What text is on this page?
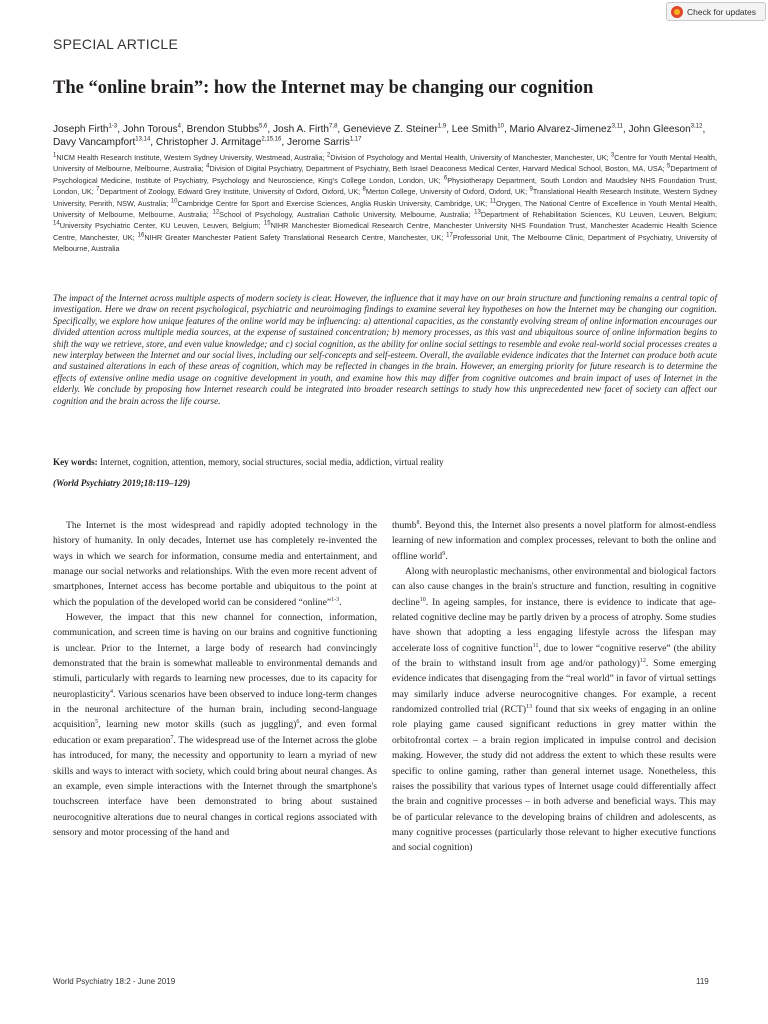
Check for updates
SPECIAL ARTICLE
The “online brain”: how the Internet may be changing our cognition
Joseph Firth$^{1-3}$, John Torous$^4$, Brendon Stubbs$^{5,6}$, Josh A. Firth$^{7,8}$, Genevieve Z. Steiner$^{1,9}$, Lee Smith$^{10}$, Mario Alvarez-Jimenez$^{3,11}$, John Gleeson$^{3,12}$, Davy Vancampfort$^{13,14}$, Christopher J. Armitage$^{2,15,16}$, Jerome Sarris$^{1,17}$
$^1$NICM Health Research Institute, Western Sydney University, Westmead, Australia; $^2$Division of Psychology and Mental Health, University of Manchester, Manchester, UK; $^3$Centre for Youth Mental Health, University of Melbourne, Melbourne, Australia; $^4$Division of Digital Psychiatry, Department of Psychiatry, Beth Israel Deaconess Medical Center, Harvard Medical School, Boston, MA, USA; $^5$Department of Psychological Medicine, Institute of Psychiatry, Psychology and Neuroscience, King's College London, London, UK; $^6$Physiotherapy Department, South London and Maudsley NHS Foundation Trust, London, UK; $^7$Department of Zoology, Edward Grey Institute, University of Oxford, Oxford, UK; $^8$Merton College, University of Oxford, Oxford, UK; $^9$Translational Health Research Institute, Western Sydney University, Penrith, NSW, Australia; $^{10}$Cambridge Centre for Sport and Exercise Sciences, Anglia Ruskin University, Cambridge, UK; $^{11}$Orygen, The National Centre of Excellence in Youth Mental Health, University of Melbourne, Melbourne, Australia; $^{12}$School of Psychology, Australian Catholic University, Melbourne, Australia; $^{13}$Department of Rehabilitation Sciences, KU Leuven, Leuven, Belgium; $^{14}$University Psychiatric Center, KU Leuven, Leuven, Belgium; $^{15}$NIHR Manchester Biomedical Research Centre, Manchester University NHS Foundation Trust, Manchester Academic Health Science Centre, Manchester, UK; $^{16}$NIHR Greater Manchester Patient Safety Translational Research Centre, Manchester, UK; $^{17}$Professorial Unit, The Melbourne Clinic, Department of Psychiatry, University of Melbourne, Australia
The impact of the Internet across multiple aspects of modern society is clear. However, the influence that it may have on our brain structure and functioning remains a central topic of investigation. Here we draw on recent psychological, psychiatric and neuroimaging findings to examine several key hypotheses on how the Internet may be changing our cognition. Specifically, we explore how unique features of the online world may be influencing: a) attentional capacities, as the constantly evolving stream of online information encourages our divided attention across multiple media sources, at the expense of sustained concentration; b) memory processes, as this vast and ubiquitous source of online information begins to shift the way we retrieve, store, and even value knowledge; and c) social cognition, as the ability for online social settings to resemble and evoke real-world social processes creates a new interplay between the Internet and our social lives, including our self-concepts and self-esteem. Overall, the available evidence indicates that the Internet can produce both acute and sustained alterations in each of these areas of cognition, which may be reflected in changes in the brain. However, an emerging priority for future research is to determine the effects of extensive online media usage on cognitive development in youth, and examine how this may differ from cognitive outcomes and brain impact of uses of Internet in the elderly. We conclude by proposing how Internet research could be integrated into broader research settings to study how this unprecedented new facet of society can affect our cognition and the brain across the life course.
Key words: Internet, cognition, attention, memory, social structures, social media, addiction, virtual reality
(World Psychiatry 2019;18:119–129)

The Internet is the most widespread and rapidly adopted technology in the history of humanity. In only decades, Internet use has completely re-invented the ways in which we search for information, consume media and entertainment, and manage our social networks and relationships. With the even more recent advent of smartphones, Internet access has become portable and ubiquitous to the point at which the population of the developed world can be considered “online”$^{1-3}$.

However, the impact that this new channel for connection, information, communication, and screen time is having on our brains and cognitive functioning is unclear. Prior to the Internet, a large body of research had convincingly demonstrated that the brain is somewhat malleable to environmental demands and stimuli, particularly with regards to learning new processes, due to its capacity for neuroplasticity$^4$. Various scenarios have been observed to induce long-term changes in the neuronal architecture of the human brain, including second-language acquisition$^5$, learning new motor skills (such as juggling)$^6$, and even formal education or exam preparation$^7$. The widespread use of the Internet across the globe has introduced, for many, the necessity and opportunity to learn a myriad of new skills and ways to interact with society, which could bring about neural changes. As an example, even simple interactions with the Internet through the smartphone's touchscreen interface have been demonstrated to bring about sustained neurocognitive alterations due to neural changes in cortical regions associated with sensory and motor processing of the hand and

thumb$^8$. Beyond this, the Internet also presents a novel platform for almost-endless learning of new information and complex processes, relevant to both the online and offline world$^9$.

Along with neuroplastic mechanisms, other environmental and biological factors can also cause changes in the brain's structure and function, resulting in cognitive decline$^{10}$. In ageing samples, for instance, there is evidence to indicate that age-related cognitive decline may be partly driven by a process of atrophy. Some studies have shown that adopting a less engaging lifestyle across the lifespan may accelerate loss of cognitive function$^{11}$, due to lower “cognitive reserve” (the ability of the brain to withstand insult from age and/or pathology)$^{12}$. Some emerging evidence indicates that disengaging from the “real world” in favor of virtual settings may similarly induce adverse neurocognitive changes. For example, a recent randomized controlled trial (RCT)$^{13}$ found that six weeks of engaging in an online role playing game caused significant reductions in grey matter within the orbitofrontal cortex – a brain region implicated in impulse control and decision making. However, the study did not address the extent to which these results were specific to online gaming, rather than general internet usage. Nonetheless, this raises the possibility that various types of Internet usage could differentially affect the brain and cognitive processes – in both adverse and beneficial ways. This may be of particular relevance to the developing brains of children and adolescents, as many cognitive processes (particularly those relevant to higher executive functions and social cognition)

World Psychiatry 18:2 - June 2019	119
